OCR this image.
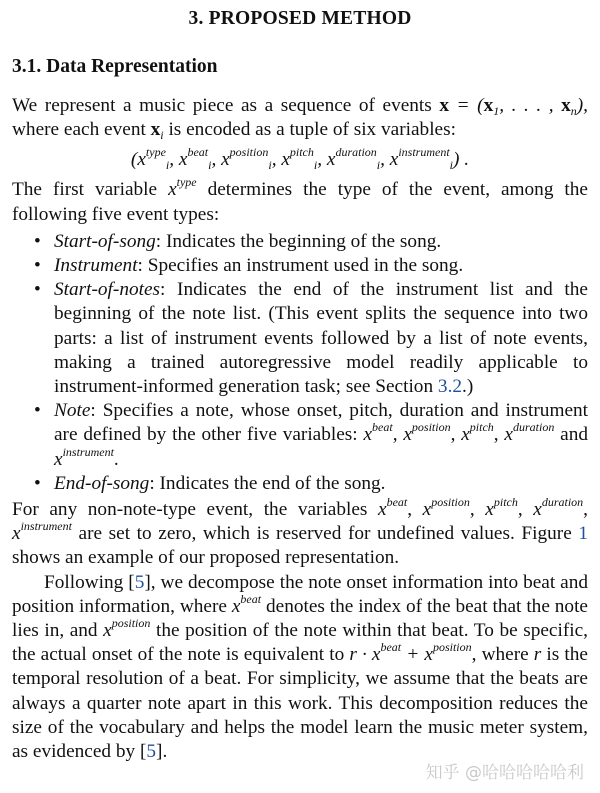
3. PROPOSED METHOD
3.1. Data Representation

We represent a music piece as a sequence of events $x = (x_1$, . . . , $x_n$), where each event $x_i$ is encoded as a tuple of six variables:

($x^{type}_i$, $x^{beat}_i$, $x^{position}_i$, $x^{pitch}_i$, $x^{duration}_i$, $x^{instrument}_i$) .

The first variable $x^{type}$ determines the type of the event, among the following five event types:

• Start-of-song: Indicates the beginning of the song.
• Instrument: Specifies an instrument used in the song.
• Start-of-notes: Indicates the end of the instrument list and the beginning of the note list. (This event splits the sequence into two parts: a list of instrument events followed by a list of note events, making a trained autoregressive model readily applicable to instrument-informed generation task; see Section 3.2.)
• Note: Specifies a note, whose onset, pitch, duration and instrument are defined by the other five variables: $x^{beat}$, $x^{position}$, $x^{pitch}$, $x^{duration}$ and $x^{instrument}$.
• End-of-song: Indicates the end of the song.

For any non-note-type event, the variables $x^{beat}$, $x^{position}$, $x^{pitch}$, $x^{duration}$, $x^{instrument}$ are set to zero, which is reserved for undefined values. Figure 1 shows an example of our proposed representation.

Following [5], we decompose the note onset information into beat and position information, where $x^{beat}$ denotes the index of the beat that the note lies in, and $x^{position}$ the position of the note within that beat. To be specific, the actual onset of the note is equivalent to $r \cdot x^{beat} + x^{position}$, where r is the temporal resolution of a beat. For simplicity, we assume that the beats are always a quarter note apart in this work. This decomposition reduces the size of the vocabulary and helps the model learn the music meter system, as evidenced by [5].

知乎 @哈哈哈哈哈利
